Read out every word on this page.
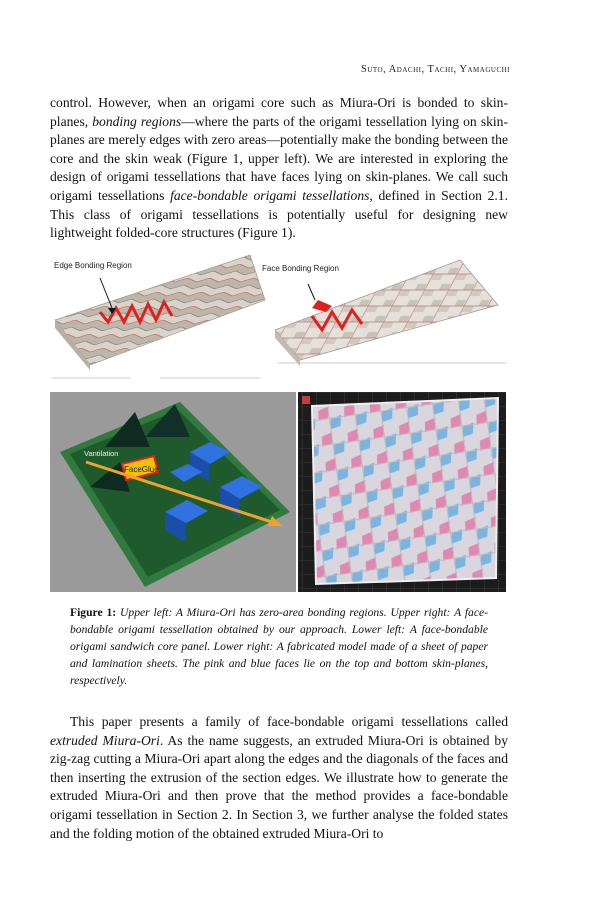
Suto, Adachi, Tachi, Yamaguchi

control. However, when an origami core such as Miura-Ori is bonded to skin-planes, bonding regions—where the parts of the origami tessellation lying on skin-planes are merely edges with zero areas—potentially make the bonding between the core and the skin weak (Figure 1, upper left). We are interested in exploring the design of origami tessellations that have faces lying on skin-planes. We call such origami tessellations face-bondable origami tessellations, defined in Section 2.1. This class of origami tessellations is potentially useful for designing new lightweight folded-core structures (Figure 1).

Edge Bonding Region	Face Bonding Region
FaceGlue
Vantilation

Figure 1: Upper left: A Miura-Ori has zero-area bonding regions. Upper right: A face-bondable origami tessellation obtained by our approach. Lower left: A face-bondable origami sandwich core panel. Lower right: A fabricated model made of a sheet of paper and lamination sheets. The pink and blue faces lie on the top and bottom skin-planes, respectively.

This paper presents a family of face-bondable origami tessellations called extruded Miura-Ori. As the name suggests, an extruded Miura-Ori is obtained by zig-zag cutting a Miura-Ori apart along the edges and the diagonals of the faces and then inserting the extrusion of the section edges. We illustrate how to generate the extruded Miura-Ori and then prove that the method provides a face-bondable origami tessellation in Section 2. In Section 3, we further analyse the folded states and the folding motion of the obtained extruded Miura-Ori to
